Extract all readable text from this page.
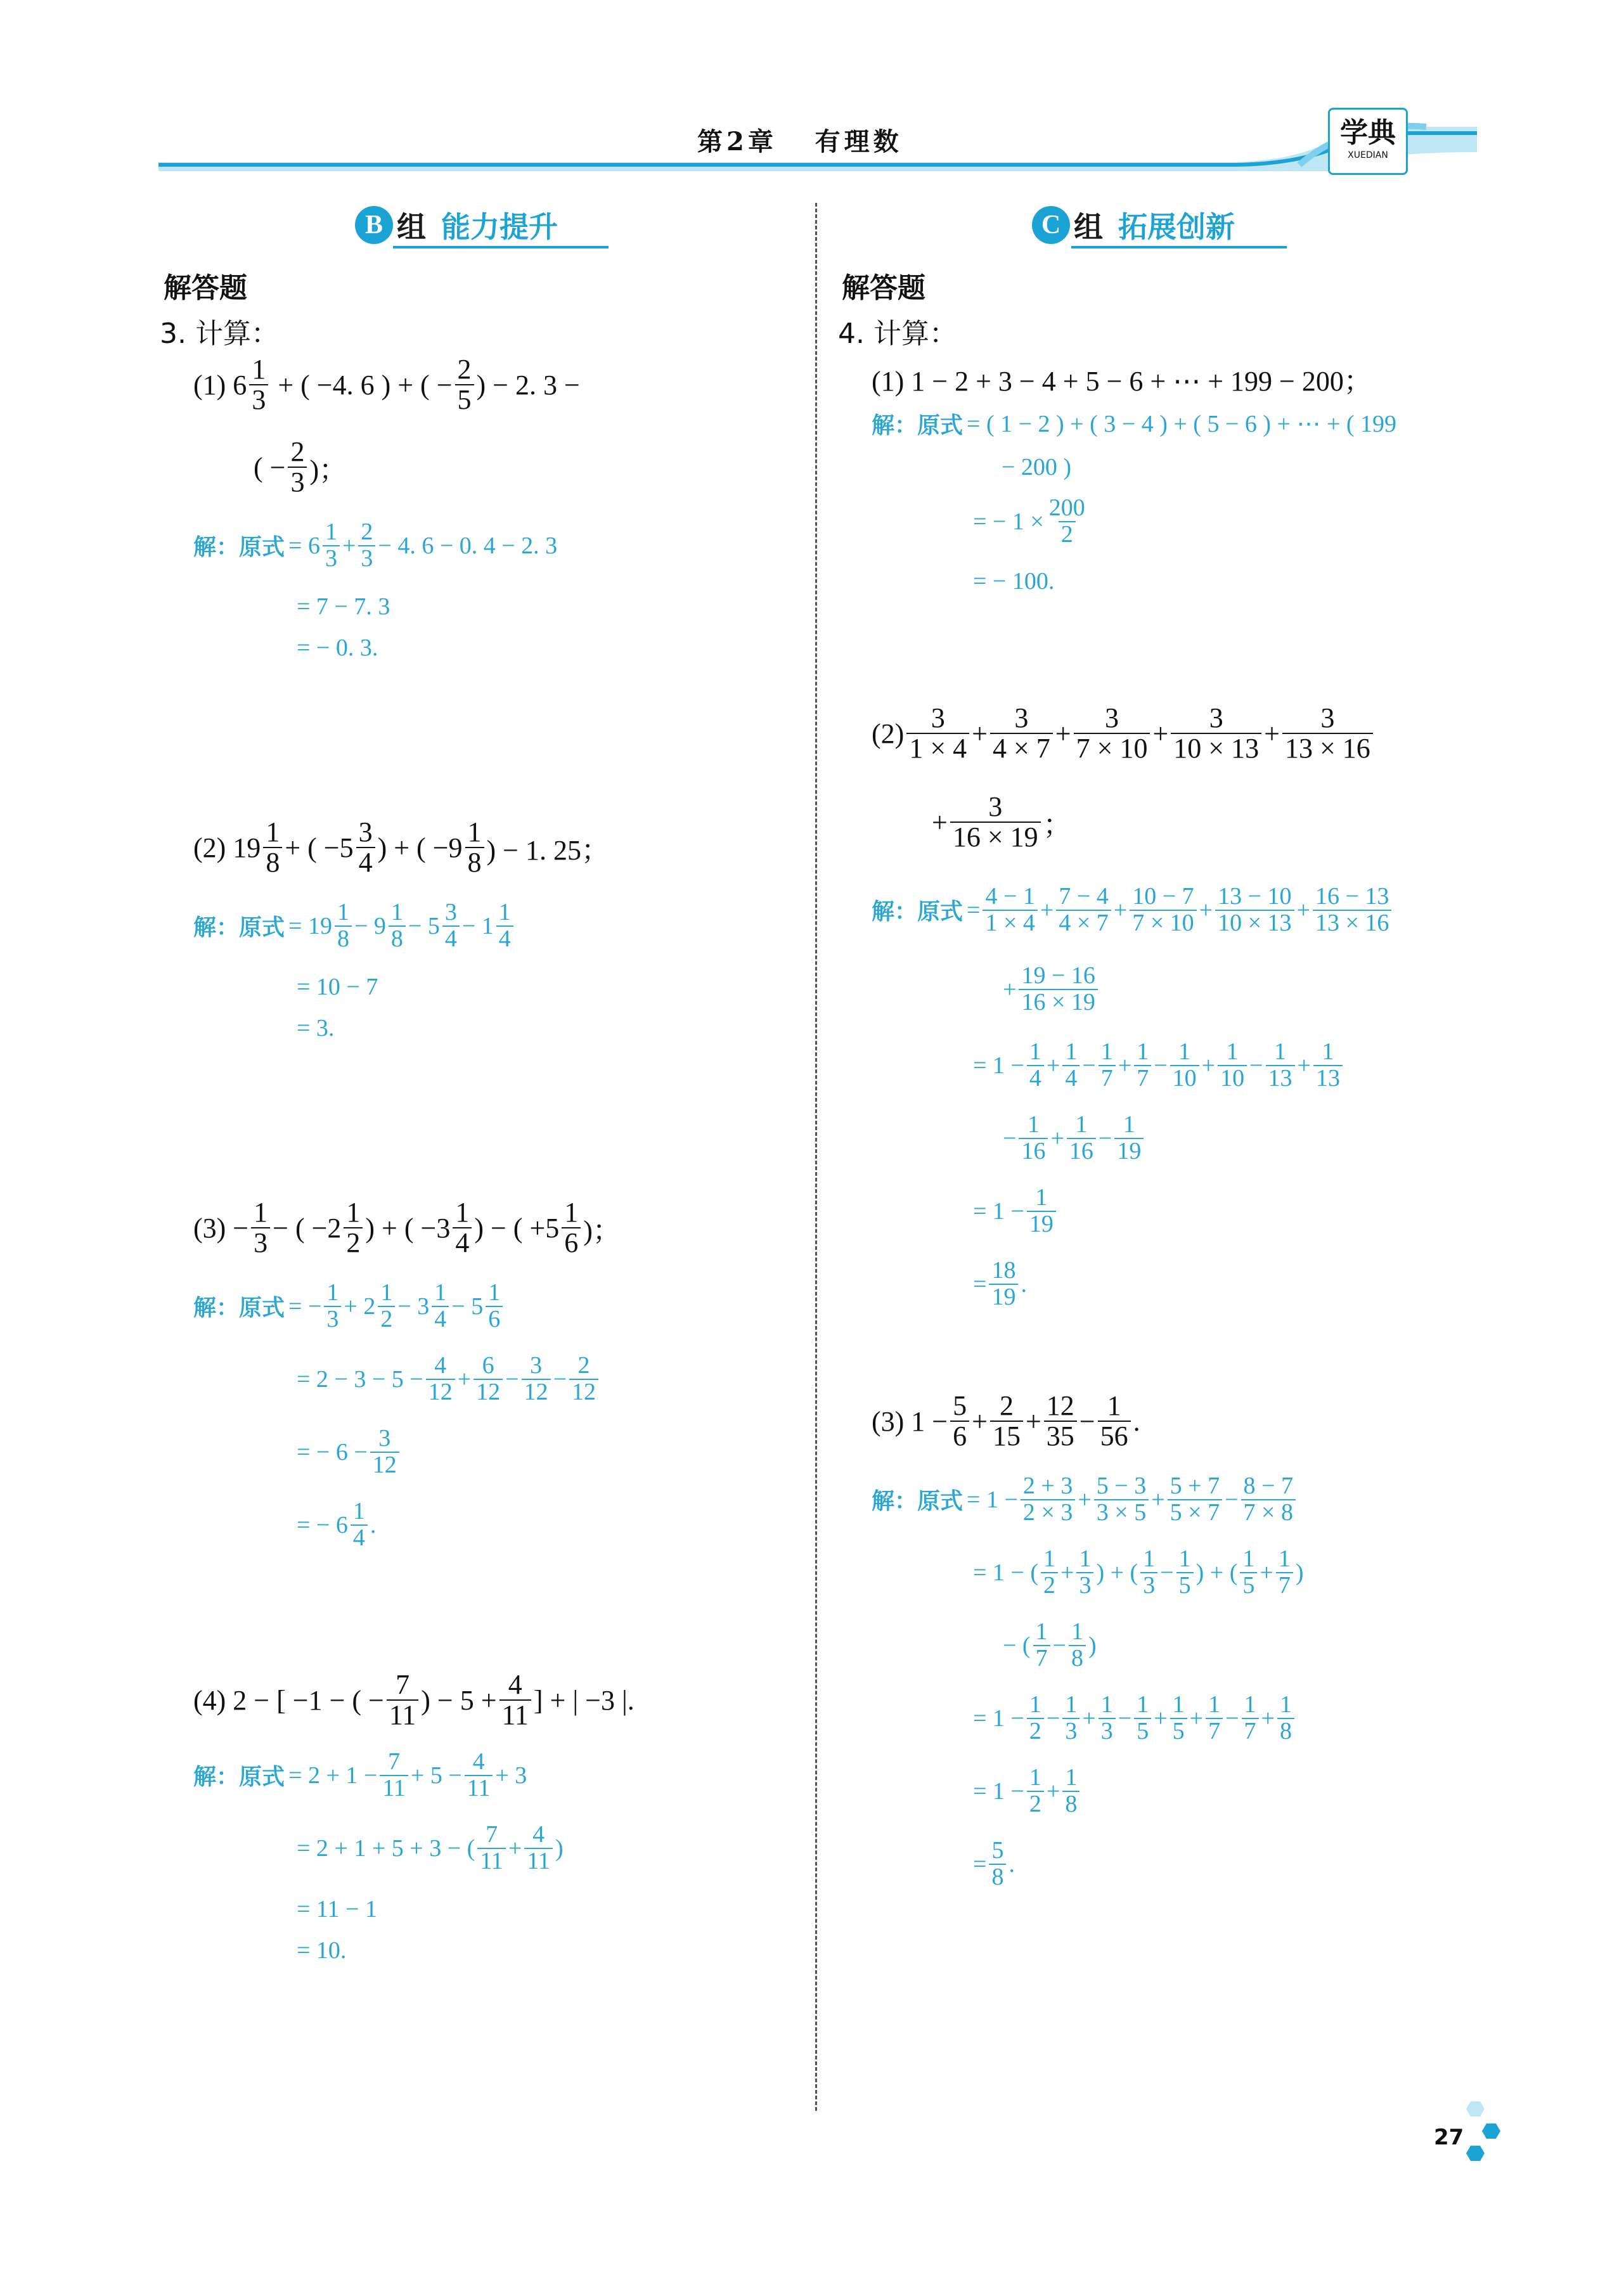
第2章 有理数	学典
XUEDIAN
B 组 能力提升
解答题
3. 计算：
(1) $6 \frac{1}{3}$ + ( −4. 6 ) + ( − $\frac{2}{5}$ ) − 2. 3 −
( − $\frac{2}{3}$ )；
解：原式 = $6 \frac{1}{3} + \frac{2}{3} - 4$. 6 − 0. 4 − 2. 3
= 7 − 7. 3
= − 0. 3.
(2) $19 \frac{1}{8}$ + ( $-5 \frac{3}{4}$ ) + ( $-9 \frac{1}{8}$ ) − 1. 25；
解：原式 = $19 \frac{1}{8} - 9 \frac{1}{8} - 5 \frac{3}{4} - 1 \frac{1}{4}$
= 10 − 7
= 3.
$(3) - \frac{1}{3}$ − ( $-2 \frac{1}{2}$ ) + ( $-3 \frac{1}{4}$ ) − ( $+5 \frac{1}{6}$ )；
解：原式 = − $\frac{1}{3} + 2 \frac{1}{2} - 3 \frac{1}{4} - 5 \frac{1}{6}$
= $2 - 3 - 5 - \frac{4}{12} + \frac{6}{12} - \frac{3}{12} - \frac{2}{12}$
= − $6 - \frac{3}{12}$
= − $6 \frac{1}{4}$ .
(4) 2 − [ −1 − ( − $\frac{7}{11}$ ) − $5 + \frac{4}{11}$ ] + | −3 |.
解：原式 = $2 + 1 - \frac{7}{11} + 5 - \frac{4}{11} + 3$
= 2 + 1 + 5 + 3 − ( $\frac{7}{11} + \frac{4}{11}$ )
= 11 − 1
= 10.
C 组 拓展创新
解答题
4. 计算：
(1) 1 − 2 + 3 − 4 + 5 − 6 + ⋯ + 199 − 200；
解：原式 = ( 1 − 2 ) + ( 3 − 4 ) + ( 5 − 6 ) + ⋯ + ( 199
− 200 )
= − $1 \times \frac{200}{2}$
= − 100.
$(2) \frac{3}{1 \times 4} + \frac{3}{4 \times 7} + \frac{3}{7 \times 10} + \frac{3}{10 \times 13} + \frac{3}{13 \times 16}$
+ $\frac{3}{16 \times 19}$ ；
解：原式 = $\frac{4 - 1}{1 \times 4} + \frac{7 - 4}{4 \times 7} + \frac{10 - 7}{7 \times 10} + \frac{13 - 10}{10 \times 13} + \frac{16 - 13}{13 \times 16}$
+ $\frac{19 - 16}{16 \times 19}$
= $1 - \frac{1}{4} + \frac{1}{4} - \frac{1}{7} + \frac{1}{7} - \frac{1}{10} + \frac{1}{10} - \frac{1}{13} + \frac{1}{13}$
− $\frac{1}{16} + \frac{1}{16} - \frac{1}{19}$
= $1 - \frac{1}{19}$
= $\frac{18}{19}$ .
(3) $1 - \frac{5}{6} + \frac{2}{15} + \frac{12}{35} - \frac{1}{56}$ .
解：原式 = $1 - \frac{2 + 3}{2 \times 3} + \frac{5 - 3}{3 \times 5} + \frac{5 + 7}{5 \times 7} - \frac{8 - 7}{7 \times 8}$
= 1 − ( $\frac{1}{2} + \frac{1}{3}$ ) + ( $\frac{1}{3} - \frac{1}{5}$ ) + ( $\frac{1}{5} + \frac{1}{7}$ )
− ( $\frac{1}{7} - \frac{1}{8}$ )
= $1 - \frac{1}{2} - \frac{1}{3} + \frac{1}{3} - \frac{1}{5} + \frac{1}{5} + \frac{1}{7} - \frac{1}{7} + \frac{1}{8}$
= $1 - \frac{1}{2} + \frac{1}{8}$
= $\frac{5}{8}$ .
27
